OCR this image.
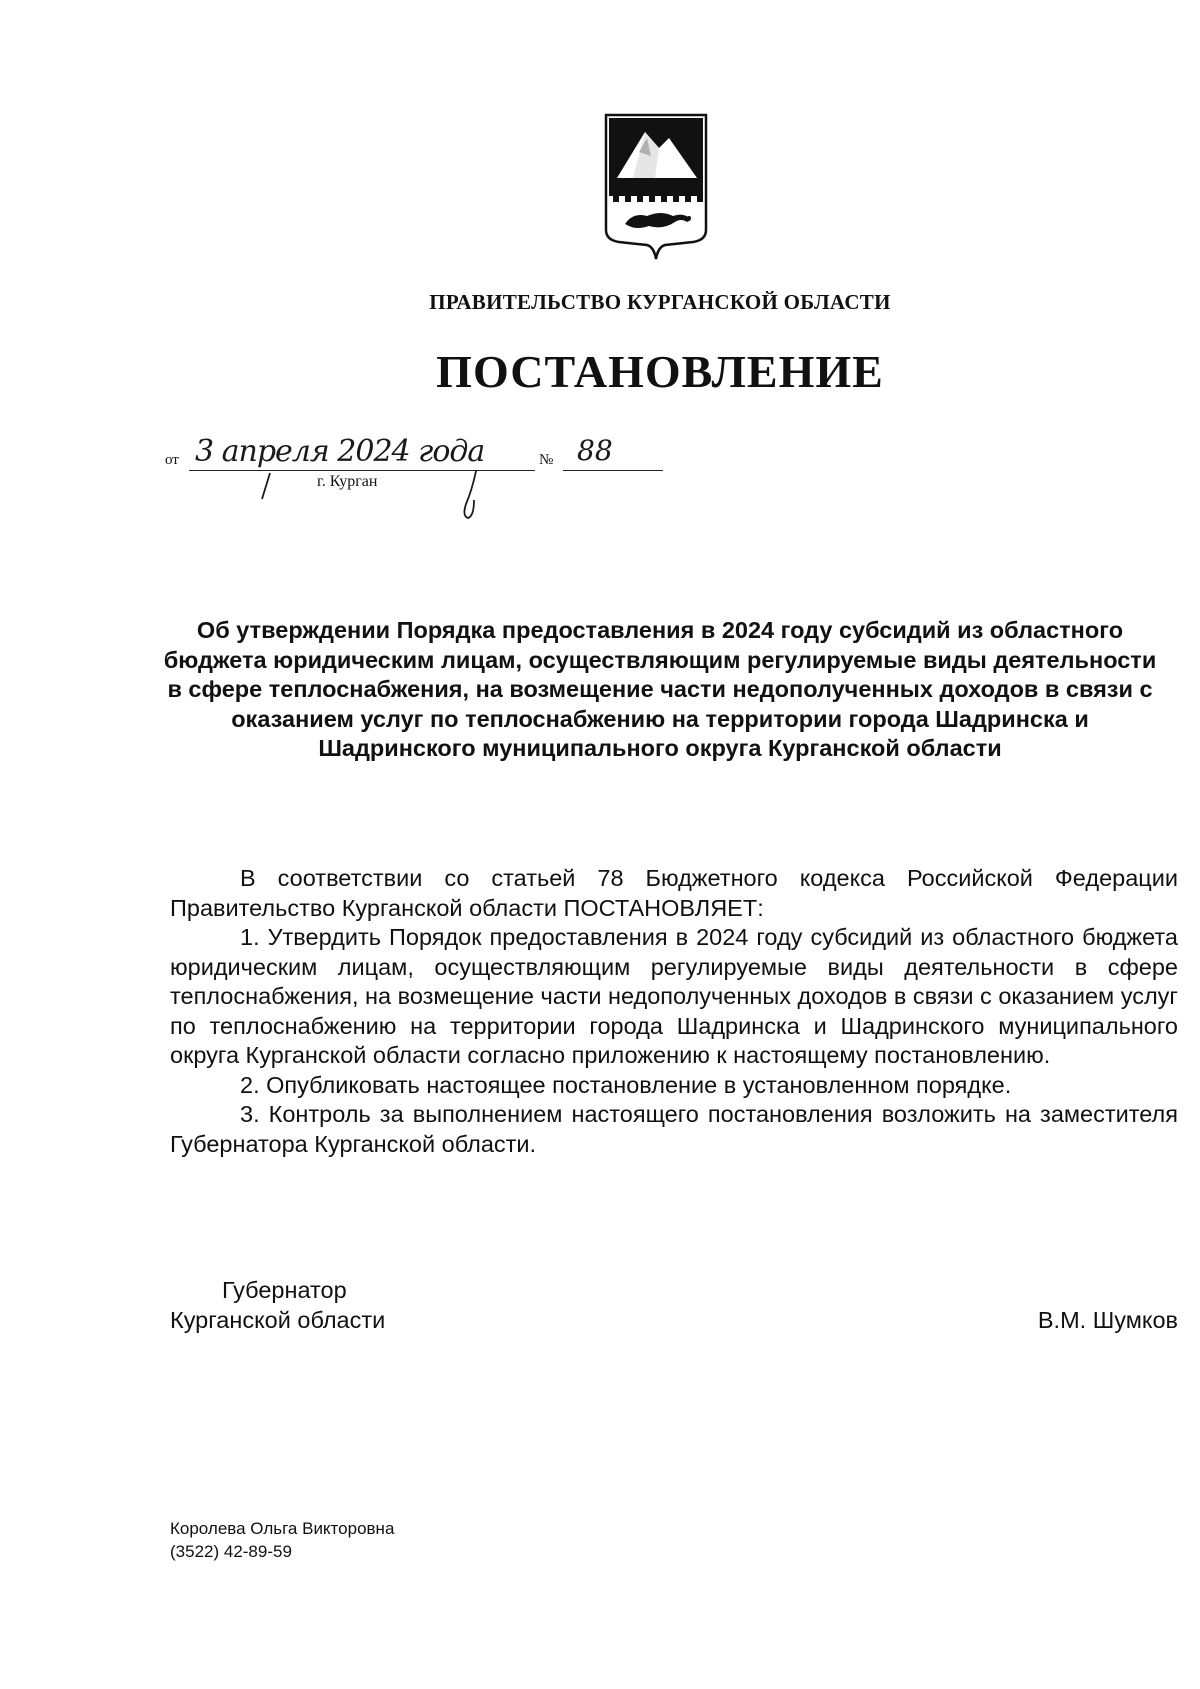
ПРАВИТЕЛЬСТВО КУРГАНСКОЙ ОБЛАСТИ
ПОСТАНОВЛЕНИЕ
от 3 апреля 2024 года	№ 88
г. Курган
Об утверждении Порядка предоставления в 2024 году субсидий из областного бюджета юридическим лицам, осуществляющим регулируемые виды деятельности в сфере теплоснабжения, на возмещение части недополученных доходов в связи с оказанием услуг по теплоснабжению на территории города Шадринска и Шадринского муниципального округа Курганской области

В соответствии со статьей 78 Бюджетного кодекса Российской Федерации Правительство Курганской области ПОСТАНОВЛЯЕТ:

1. Утвердить Порядок предоставления в 2024 году субсидий из областного бюджета юридическим лицам, осуществляющим регулируемые виды деятельности в сфере теплоснабжения, на возмещение части недополученных доходов в связи с оказанием услуг по теплоснабжению на территории города Шадринска и Шадринского муниципального округа Курганской области согласно приложению к настоящему постановлению.

2. Опубликовать настоящее постановление в установленном порядке.

3. Контроль за выполнением настоящего постановления возложить на заместителя Губернатора Курганской области.

Губернатор
Курганской области	В.М. Шумков
Королева Ольга Викторовна
(3522) 42-89-59
